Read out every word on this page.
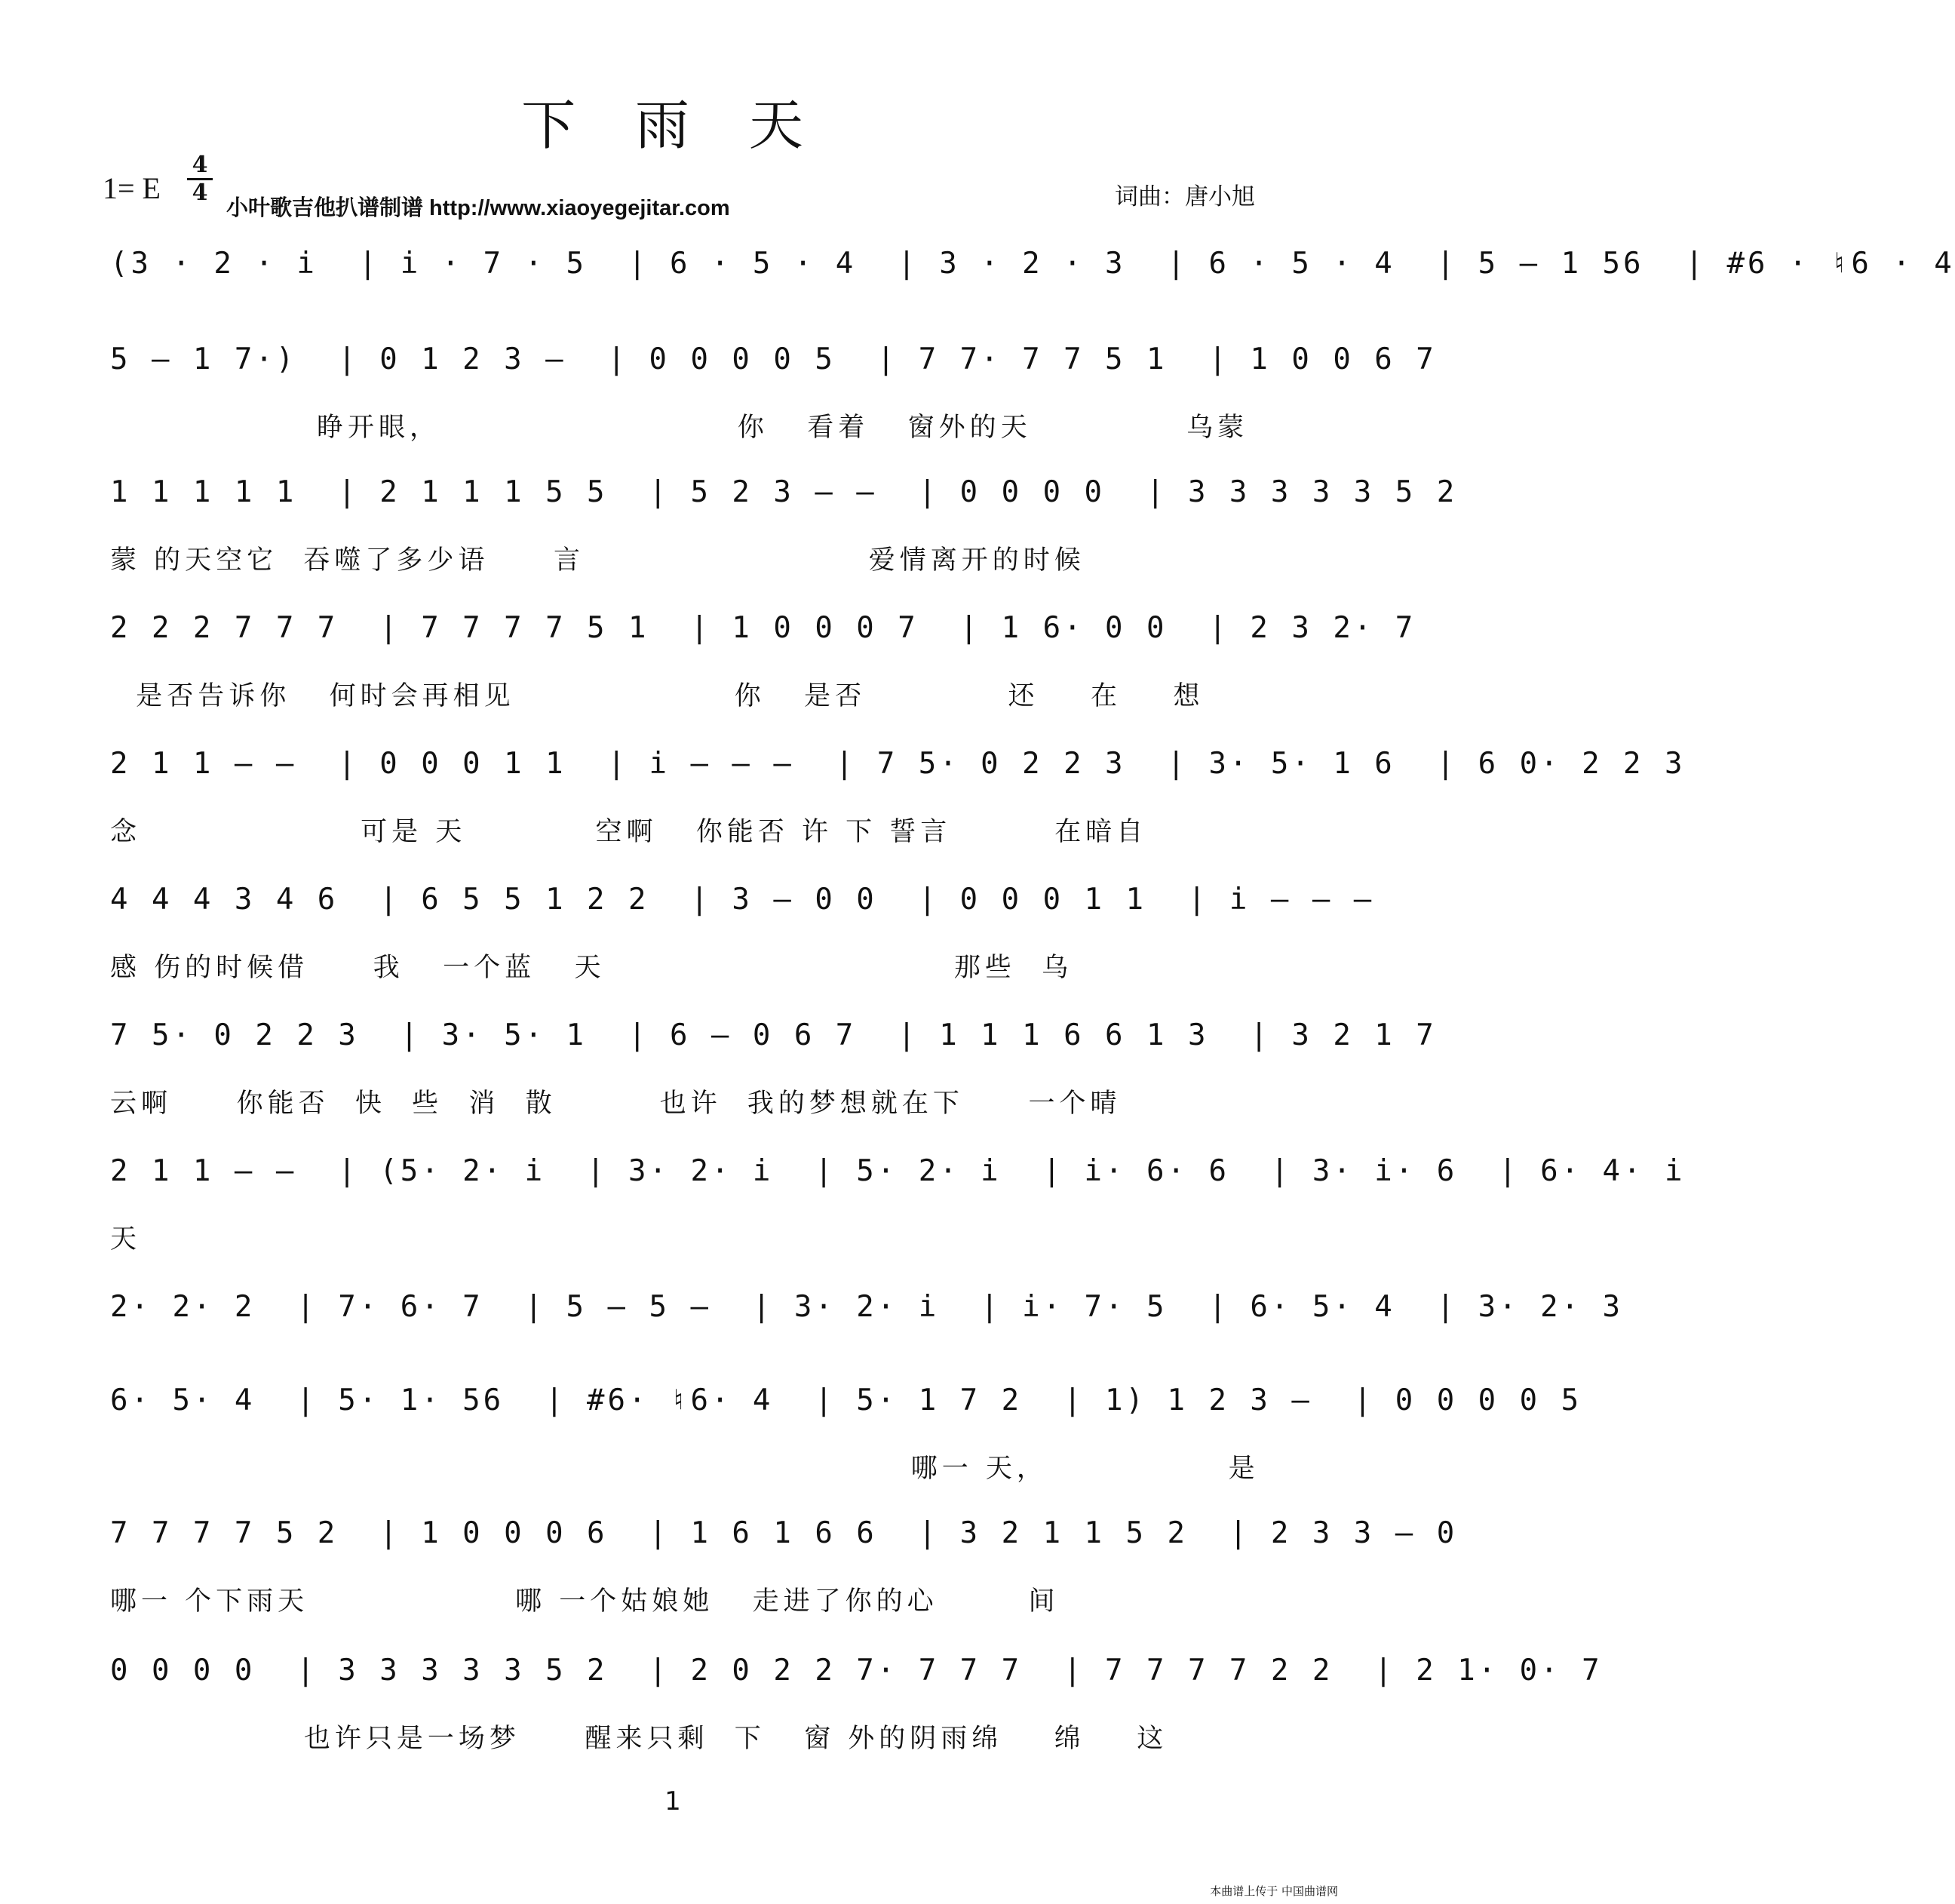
下 雨 天
1= E $\frac{4}{4}$
小叶歌吉他扒谱制谱 http://www.xiaoyegejitar.com	词曲：唐小旭
(3 · 2 · i  | i · 7 · 5  | 6 · 5 · 4  | 3 · 2 · 3  | 6 · 5 · 4  | 5 – 1 56  | #6 · ♮6 · 4
5 – 1 7·)  | 0 1 2 3 –  | 0 0 0 0 5  | 7 7· 7 7 5 1  | 1 0 0 6 7
睁开眼，                       你   看着   窗外的天            乌蒙
1 1 1 1 1  | 2 1 1 1 5 5  | 5 2 3 – –  | 0 0 0 0  | 3 3 3 3 3 5 2
蒙 的天空它  吞噬了多少语     言                      爱情离开的时候
2 2 2 7 7 7  | 7 7 7 7 5 1  | 1 0 0 0 7  | 1 6· 0 0  | 2 3 2· 7
是否告诉你   何时会再相见                 你   是否           还    在    想
2 1 1 – –  | 0 0 0 1 1  | i – – –  | 7 5· 0 2 2 3  | 3· 5· 1 6  | 6 0· 2 2 3
念                 可是 天          空啊   你能否 许 下 誓言        在暗自
4 4 4 3 4 6  | 6 5 5 1 2 2  | 3 – 0 0  | 0 0 0 1 1  | i – – –
感 伤的时候借     我   一个蓝   天                           那些  乌
7 5· 0 2 2 3  | 3· 5· 1  | 6 – 0 6 7  | 1 1 1 6 6 1 3  | 3 2 1 7
云啊     你能否  快  些  消  散        也许  我的梦想就在下     一个晴
2 1 1 – –  | (5· 2· i  | 3· 2· i  | 5· 2· i  | i· 6· 6  | 3· i· 6  | 6· 4· i
天
2· 2· 2  | 7· 6· 7  | 5 – 5 –  | 3· 2· i  | i· 7· 5  | 6· 5· 4  | 3· 2· 3
6· 5· 4  | 5· 1· 56  | #6· ♮6· 4  | 5· 1 7 2  | 1) 1 2 3 –  | 0 0 0 0 5
哪一 天，              是
7 7 7 7 5 2  | 1 0 0 0 6  | 1 6 1 6 6  | 3 2 1 1 5 2  | 2 3 3 – 0
哪一 个下雨天                哪 一个姑娘她   走进了你的心       间
0 0 0 0  | 3 3 3 3 3 5 2  | 2 0 2 2 7· 7 7 7  | 7 7 7 7 2 2  | 2 1· 0· 7
也许只是一场梦     醒来只剩  下   窗 外的阴雨绵    绵    这
1
本曲谱上传于 中国曲谱网
